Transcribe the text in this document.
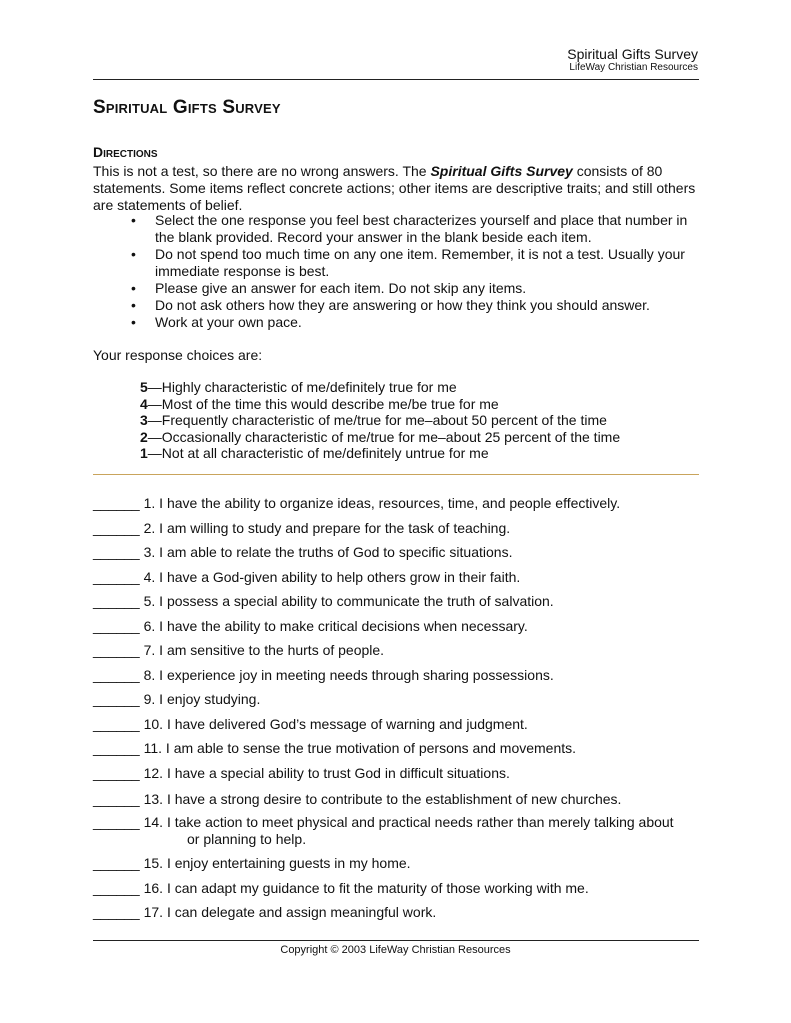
Spiritual Gifts Survey
LifeWay Christian Resources
Spiritual Gifts Survey
Directions
This is not a test, so there are no wrong answers. The Spiritual Gifts Survey consists of 80 statements. Some items reflect concrete actions; other items are descriptive traits; and still others are statements of belief.
• Select the one response you feel best characterizes yourself and place that number in the blank provided. Record your answer in the blank beside each item.
• Do not spend too much time on any one item. Remember, it is not a test. Usually your immediate response is best.
• Please give an answer for each item. Do not skip any items.
• Do not ask others how they are answering or how they think you should answer.
• Work at your own pace.
Your response choices are:
5—Highly characteristic of me/definitely true for me
4—Most of the time this would describe me/be true for me
3—Frequently characteristic of me/true for me–about 50 percent of the time
2—Occasionally characteristic of me/true for me–about 25 percent of the time
1—Not at all characteristic of me/definitely untrue for me
______ 1. I have the ability to organize ideas, resources, time, and people effectively.
______ 2. I am willing to study and prepare for the task of teaching.
______ 3. I am able to relate the truths of God to specific situations.
______ 4. I have a God-given ability to help others grow in their faith.
______ 5. I possess a special ability to communicate the truth of salvation.
______ 6. I have the ability to make critical decisions when necessary.
______ 7. I am sensitive to the hurts of people.
______ 8. I experience joy in meeting needs through sharing possessions.
______ 9. I enjoy studying.
______ 10. I have delivered God’s message of warning and judgment.
______ 11. I am able to sense the true motivation of persons and movements.
______ 12. I have a special ability to trust God in difficult situations.
______ 13. I have a strong desire to contribute to the establishment of new churches.
______ 14. I take action to meet physical and practical needs rather than merely talking about
or planning to help.
______ 15. I enjoy entertaining guests in my home.
______ 16. I can adapt my guidance to fit the maturity of those working with me.
______ 17. I can delegate and assign meaningful work.
Copyright © 2003 LifeWay Christian Resources
